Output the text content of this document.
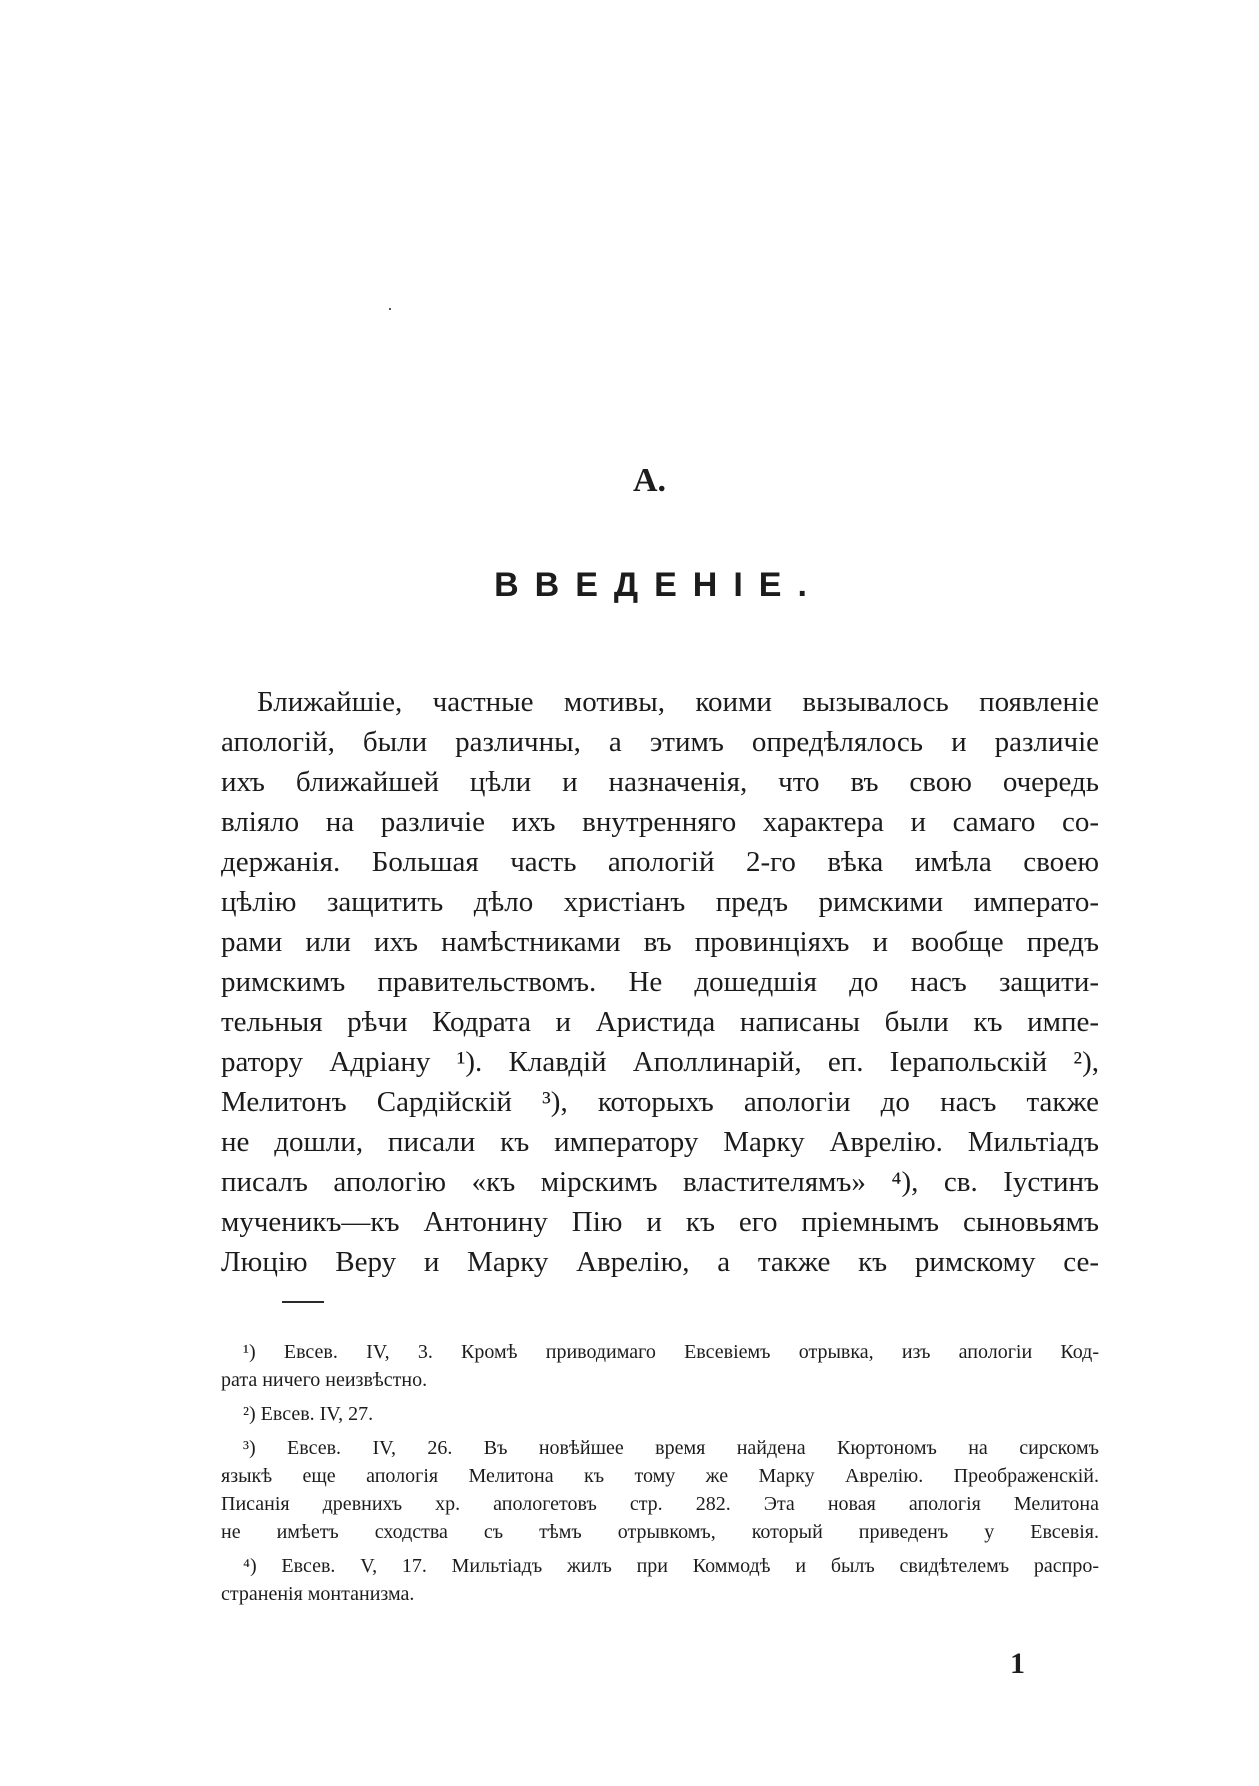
А.
ВВЕДЕНІЕ.
Ближайшіе, частные мотивы, коими вызывалось появленіе
апологій, были различны, а этимъ опредѣлялось и различіе
ихъ ближайшей цѣли и назначенія, что въ свою очередь
вліяло на различіе ихъ внутренняго характера и самаго со-
держанія. Большая часть апологій 2-го вѣка имѣла своею
цѣлію защитить дѣло христіанъ предъ римскими императо-
рами или ихъ намѣстниками въ провинціяхъ и вообще предъ
римскимъ правительствомъ. Не дошедшія до насъ защити-
тельныя рѣчи Кодрата и Аристида написаны были къ импе-
ратору Адріану ¹). Клавдій Аполлинарій, еп. Іерапольскій ²),
Мелитонъ Сардійскій ³), которыхъ апологіи до насъ также
не дошли, писали къ императору Марку Аврелію. Мильтіадъ
писалъ апологію «къ мірскимъ властителямъ» ⁴), св. Іустинъ
мученикъ—къ Антонину Пію и къ его пріемнымъ сыновьямъ
Люцію Веру и Марку Аврелію, а также къ римскому се-
¹) Евсев. IV, 3. Кромѣ приводимаго Евсевіемъ отрывка, изъ апологіи Код-
рата ничего неизвѣстно.
²) Евсев. IV, 27.
³) Евсев. IV, 26. Въ новѣйшее время найдена Кюртономъ на сирскомъ
языкѣ еще апологія Мелитона къ тому же Марку Аврелію. Преображенскій.
Писанія древнихъ хр. апологетовъ стр. 282. Эта новая апологія Мелитона
не имѣетъ сходства съ тѣмъ отрывкомъ, который приведенъ у Евсевія.
⁴) Евсев. V, 17. Мильтіадъ жилъ при Коммодѣ и былъ свидѣтелемъ распро-
страненія монтанизма.
1
